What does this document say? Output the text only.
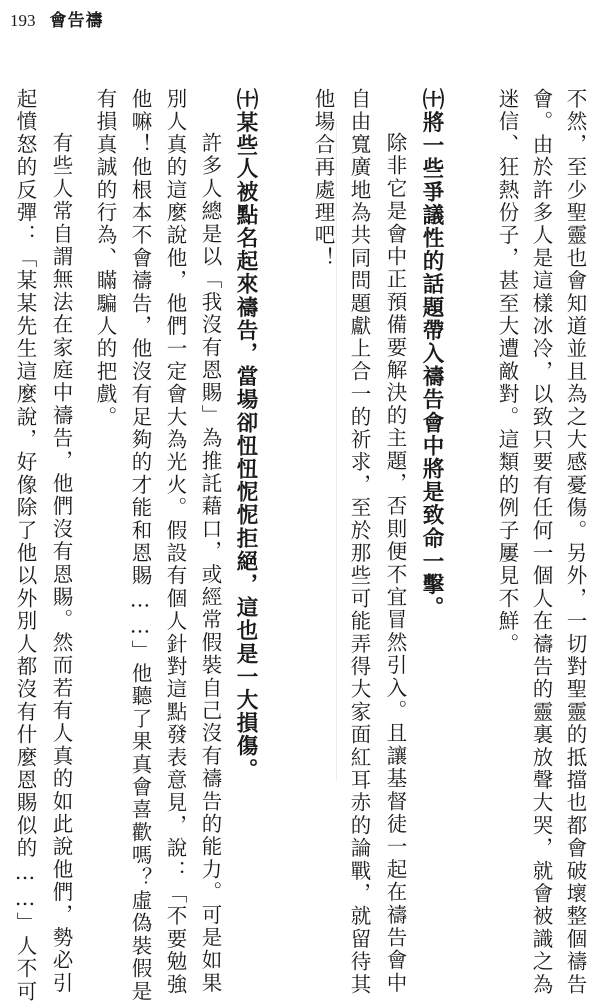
193 會告禱
不然，至少聖靈也會知道並且為之大感憂傷。另外，一切對聖靈的抵擋也都會破壞整個禱告
會。由於許多人是這樣冰冷，以致只要有任何一個人在禱告的靈裏放聲大哭，就會被識之為
迷信、狂熱份子，甚至大遭敵對。這類的例子屢見不鮮。
㈩將一些爭議性的話題帶入禱告會中將是致命一擊。
除非它是會中正預備要解決的主題，否則便不宜冒然引入。且讓基督徒一起在禱告會中
自由寬廣地為共同問題獻上合一的祈求，至於那些可能弄得大家面紅耳赤的論戰，就留待其
他場合再處理吧！
㈩某些人被點名起來禱告，當場卻忸忸怩怩拒絕，這也是一大損傷。
許多人總是以「我沒有恩賜」為推託藉口，或經常假裝自己沒有禱告的能力。可是如果
別人真的這麼說他，他們一定會大為光火。假設有個人針對這點發表意見，說：「不要勉強
他嘛！他根本不會禱告，他沒有足夠的才能和恩賜……」他聽了果真會喜歡嗎？虛偽裝假是
有損真誠的行為、瞞騙人的把戲。
有些人常自謂無法在家庭中禱告，他們沒有恩賜。然而若有人真的如此說他們，勢必引
起憤怒的反彈：「某某先生這麼說，好像除了他以外別人都沒有什麼恩賜似的……」人不可
